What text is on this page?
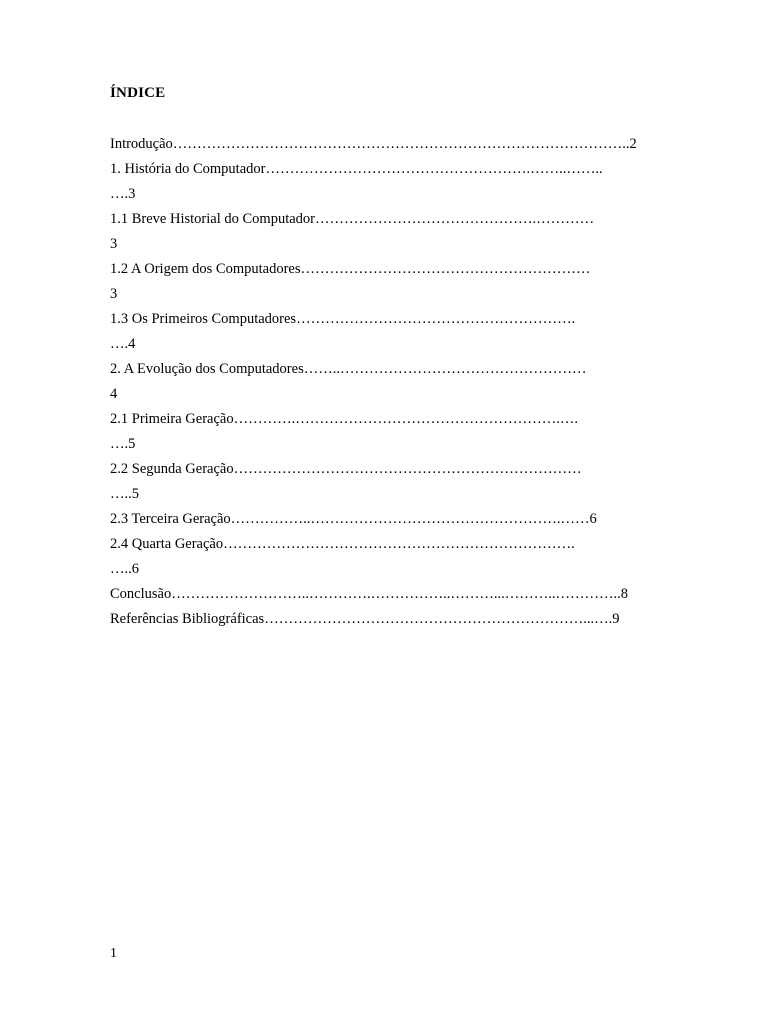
ÍNDICE
Introdução…………………………………………………………………………………..2
1. História do Computador……………………………………………….……..……..
….3
1.1 Breve Historial do Computador……………………………………….…………
3
1.2 A Origem dos Computadores……………………………………………………
3
1.3 Os Primeiros Computadores………………………………………………….
….4
2. A Evolução dos Computadores……..……………………………………………
4
2.1 Primeira Geração………….……………………………………………….….
….5
2.2 Segunda Geração………………………………………………………………
…..5
2.3 Terceira Geração……………..…………………………………………….……6
2.4 Quarta Geração……………………………………………………………….
…..6
Conclusão………………………..………….……………..………...………..…………..8
Referências Bibliográficas…………………………………………………………...….9
1
